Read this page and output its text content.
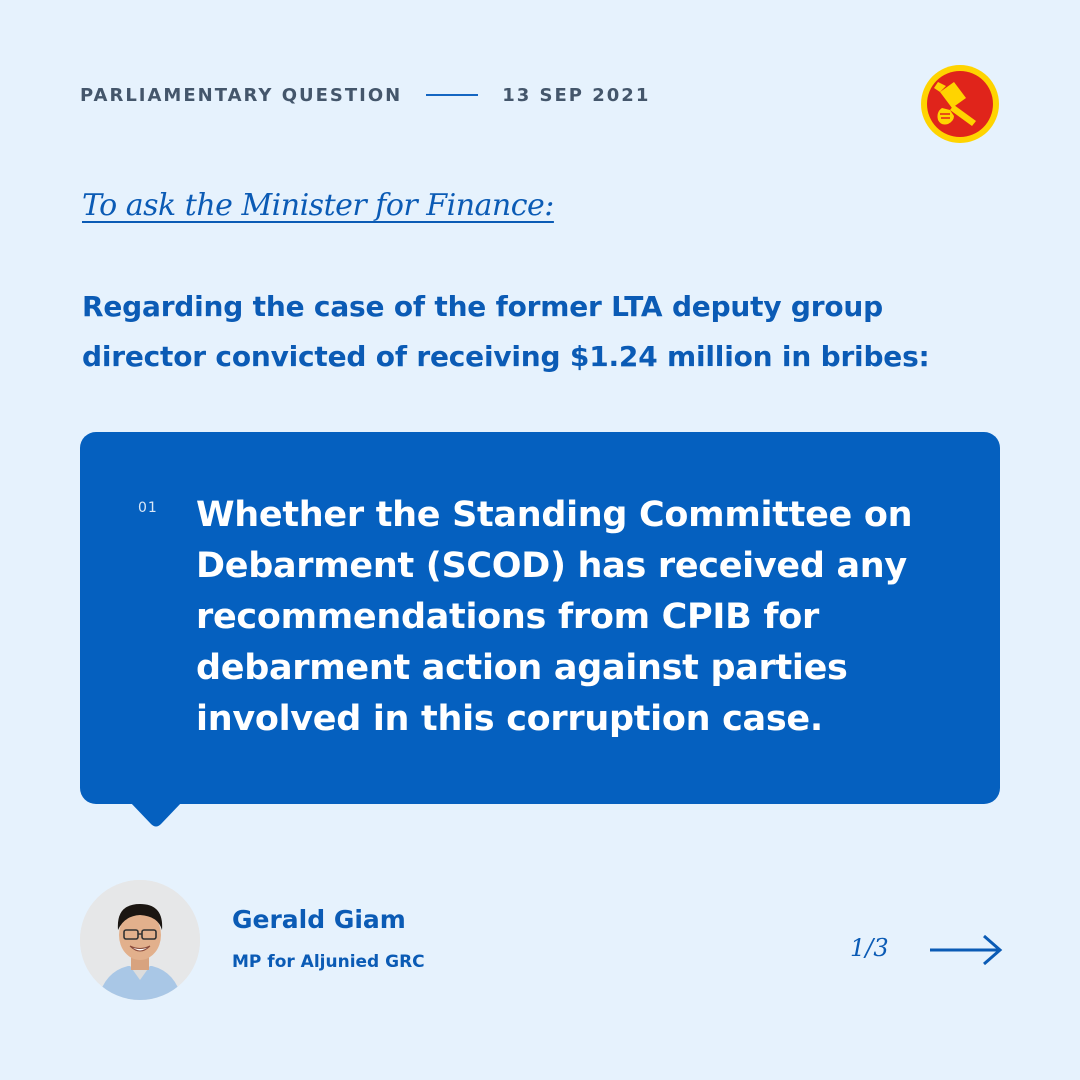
PARLIAMENTARY QUESTION	13 SEP 2021
To ask the Minister for Finance:
Regarding the case of the former LTA deputy group director convicted of receiving $1.24 million in bribes:
01 Whether the Standing Committee on Debarment (SCOD) has received any recommendations from CPIB for debarment action against parties involved in this corruption case.
Gerald Giam
MP for Aljunied GRC	1/3
